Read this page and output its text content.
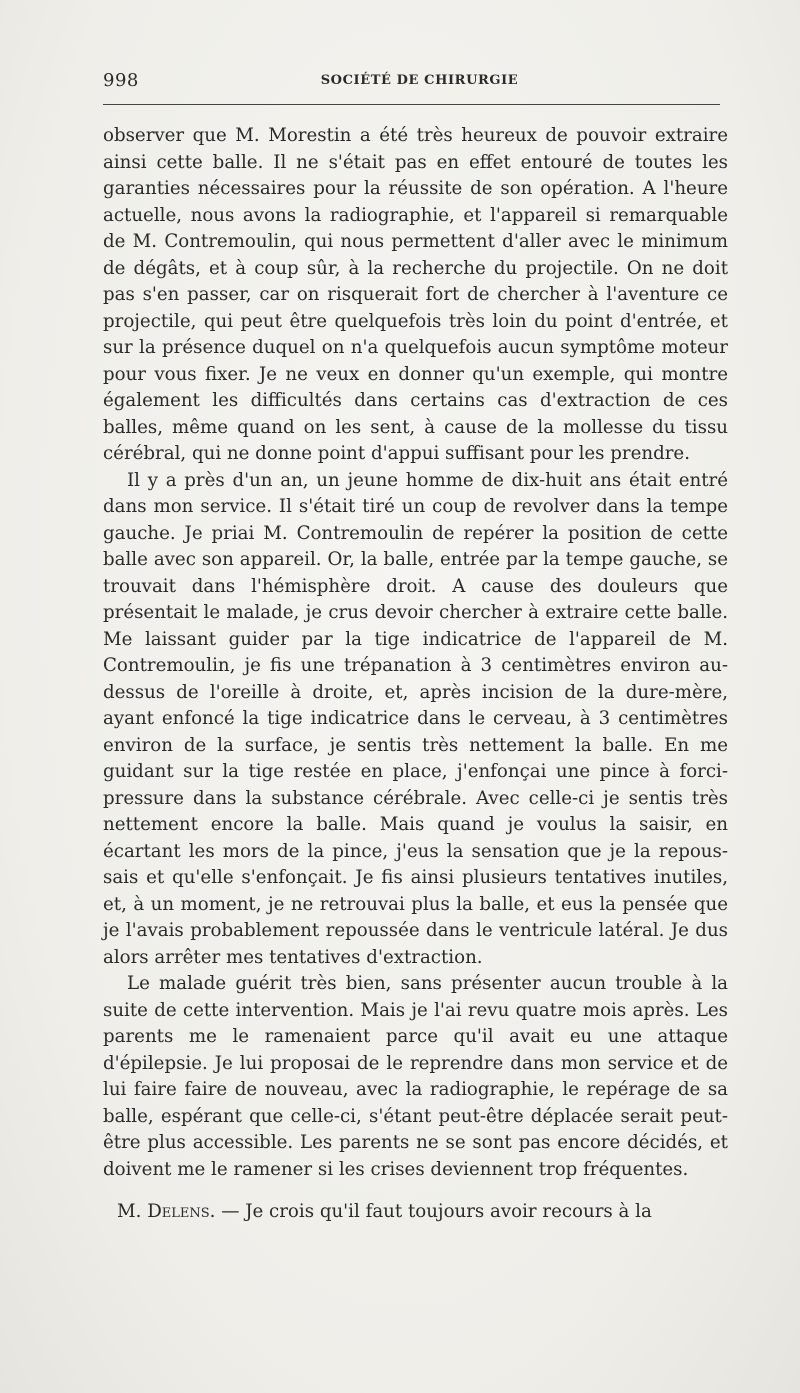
998	SOCIÉTÉ DE CHIRURGIE

observer que M. Morestin a été très heureux de pouvoir extraire ainsi cette balle. Il ne s'était pas en effet entouré de toutes les garanties nécessaires pour la réussite de son opération. A l'heure actuelle, nous avons la radiographie, et l'appareil si remarquable de M. Contremoulin, qui nous permettent d'aller avec le minimum de dégâts, et à coup sûr, à la recherche du projectile. On ne doit pas s'en passer, car on risquerait fort de chercher à l'aventure ce projectile, qui peut être quelquefois très loin du point d'entrée, et sur la présence duquel on n'a quelquefois aucun symptôme moteur pour vous fixer. Je ne veux en donner qu'un exemple, qui montre également les difficultés dans certains cas d'extraction de ces balles, même quand on les sent, à cause de la mollesse du tissu cérébral, qui ne donne point d'appui suffisant pour les prendre.

Il y a près d'un an, un jeune homme de dix-huit ans était entré dans mon service. Il s'était tiré un coup de revolver dans la tempe gauche. Je priai M. Contremoulin de repérer la position de cette balle avec son appareil. Or, la balle, entrée par la tempe gauche, se trouvait dans l'hémisphère droit. A cause des douleurs que présentait le malade, je crus devoir chercher à extraire cette balle. Me laissant guider par la tige indicatrice de l'appareil de M. Contremoulin, je fis une trépanation à 3 centimètres environ au-dessus de l'oreille à droite, et, après incision de la dure-mère, ayant enfoncé la tige indicatrice dans le cerveau, à 3 centimètres environ de la surface, je sentis très nettement la balle. En me guidant sur la tige restée en place, j'enfonçai une pince à forci-pressure dans la substance cérébrale. Avec celle-ci je sentis très nettement encore la balle. Mais quand je voulus la saisir, en écartant les mors de la pince, j'eus la sensation que je la repous-sais et qu'elle s'enfonçait. Je fis ainsi plusieurs tentatives inutiles, et, à un moment, je ne retrouvai plus la balle, et eus la pensée que je l'avais probablement repoussée dans le ventricule latéral. Je dus alors arrêter mes tentatives d'extraction.

Le malade guérit très bien, sans présenter aucun trouble à la suite de cette intervention. Mais je l'ai revu quatre mois après. Les parents me le ramenaient parce qu'il avait eu une attaque d'épilepsie. Je lui proposai de le reprendre dans mon service et de lui faire faire de nouveau, avec la radiographie, le repérage de sa balle, espérant que celle-ci, s'étant peut-être déplacée serait peut-être plus accessible. Les parents ne se sont pas encore décidés, et doivent me le ramener si les crises deviennent trop fréquentes.

M. Delens. — Je crois qu'il faut toujours avoir recours à la
